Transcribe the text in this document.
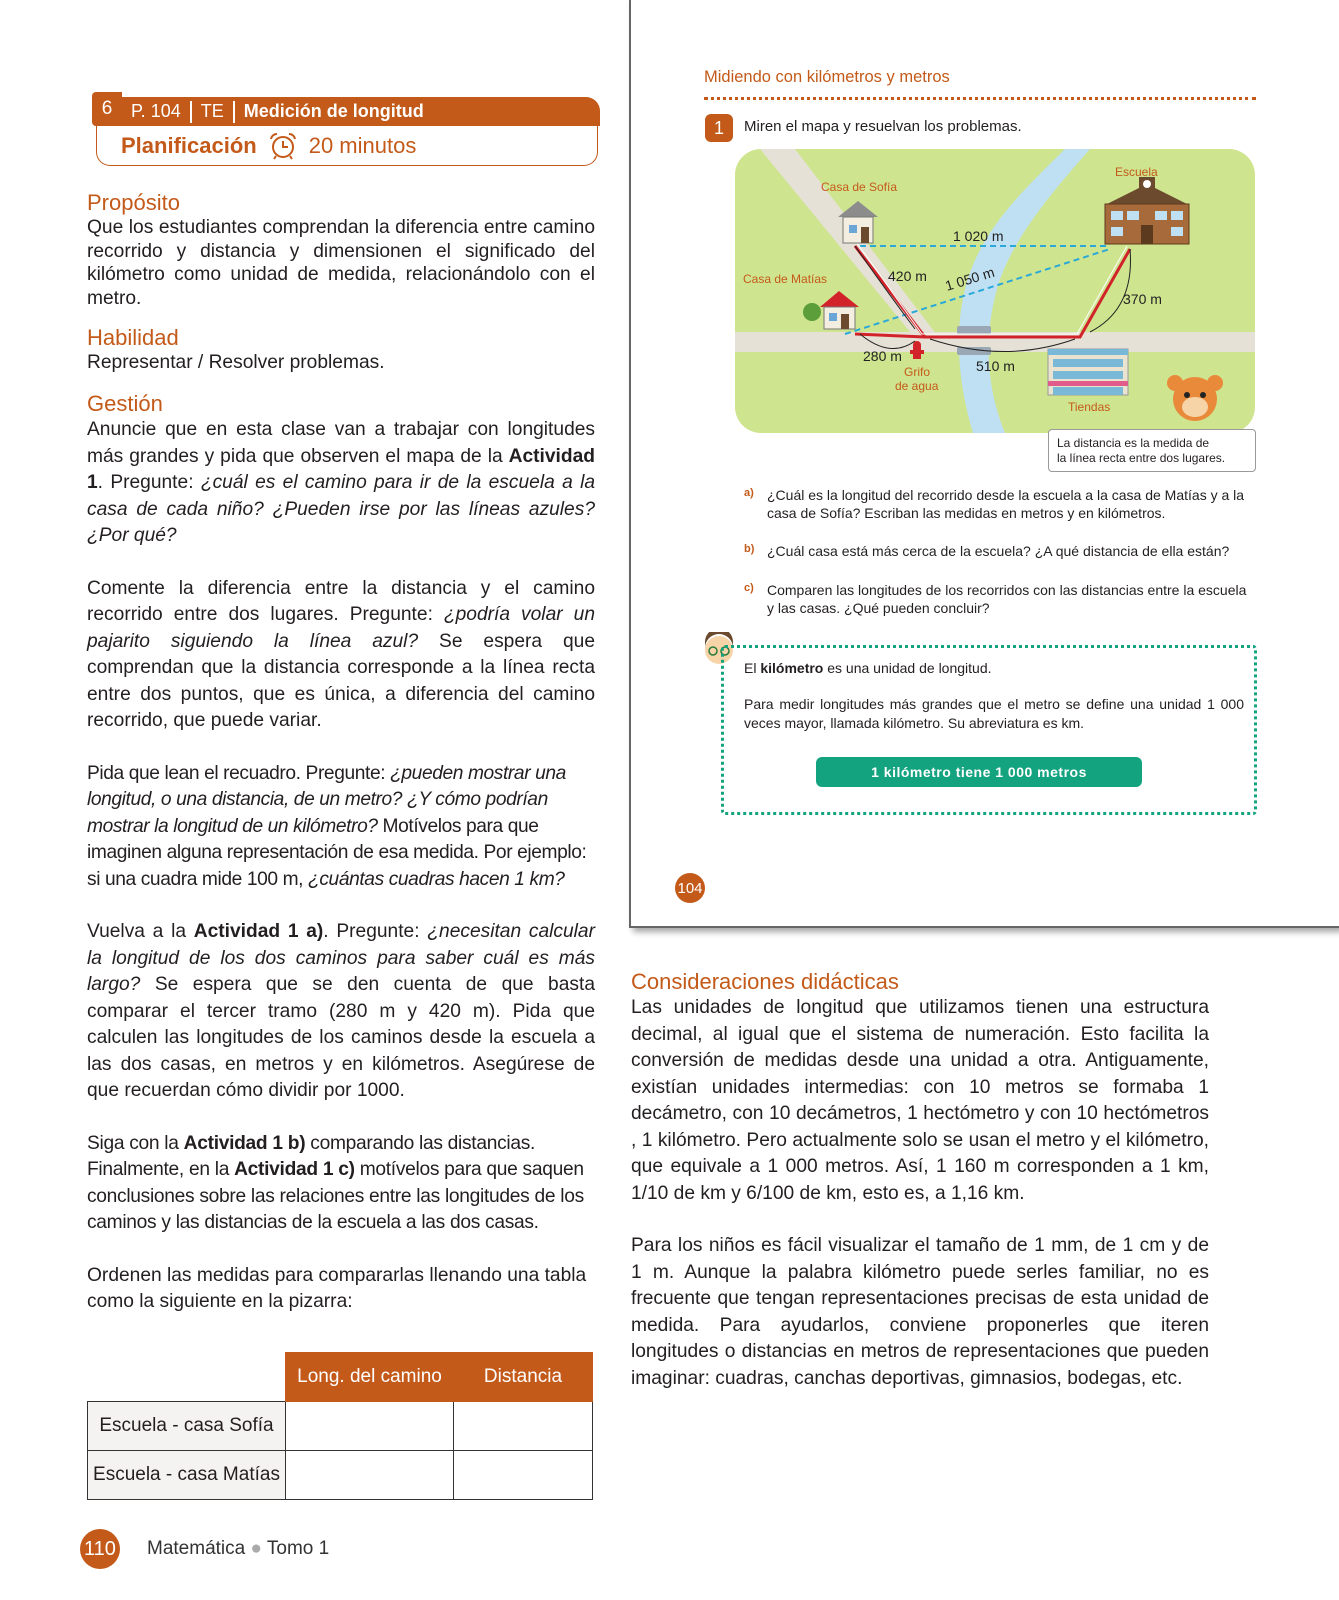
6	P. 104	TE	Medición de longitud
Planificación 20 minutos
Propósito

Que los estudiantes comprendan la diferencia entre camino recorrido y distancia y dimensionen el significado del kilómetro como unidad de medida, relacionándolo con el metro.

Habilidad

Representar / Resolver problemas.

Gestión

Anuncie que en esta clase van a trabajar con longitudes más grandes y pida que observen el mapa de la Actividad 1. Pregunte: ¿cuál es el camino para ir de la escuela a la casa de cada niño? ¿Pueden irse por las líneas azules? ¿Por qué?

Comente la diferencia entre la distancia y el camino recorrido entre dos lugares. Pregunte: ¿podría volar un pajarito siguiendo la línea azul? Se espera que comprendan que la distancia corresponde a la línea recta entre dos puntos, que es única, a diferencia del camino recorrido, que puede variar.

Pida que lean el recuadro. Pregunte: ¿pueden mostrar una longitud, o una distancia, de un metro? ¿Y cómo podrían mostrar la longitud de un kilómetro? Motívelos para que imaginen alguna representación de esa medida. Por ejemplo: si una cuadra mide 100 m, ¿cuántas cuadras hacen 1 km?

Vuelva a la Actividad 1 a). Pregunte: ¿necesitan calcular la longitud de los dos caminos para saber cuál es más largo? Se espera que se den cuenta de que basta comparar el tercer tramo (280 m y 420 m). Pida que calculen las longitudes de los caminos desde la escuela a las dos casas, en metros y en kilómetros. Asegúrese de que recuerdan cómo dividir por 1000.

Siga con la Actividad 1 b) comparando las distancias. Finalmente, en la Actividad 1 c) motívelos para que saquen conclusiones sobre las relaciones entre las longitudes de los caminos y las distancias de la escuela a las dos casas.

Ordenen las medidas para compararlas llenando una tabla como la siguiente en la pizarra:

	Long. del camino	Distancia
Escuela - casa Sofía		
Escuela - casa Matías		
110 Matemática ● Tomo 1
Midiendo con kilómetros y metros
1	Miren el mapa y resuelvan los problemas.
Escuela
Casa de Sofía
Casa de Matías
Grifo
de agua
Tiendas
1 020 m
1 050 m
420 m
370 m
280 m
510 m
La distancia es la medida de
la línea recta entre dos lugares.
a) ¿Cuál es la longitud del recorrido desde la escuela a la casa de Matías y a la casa de Sofía? Escriban las medidas en metros y en kilómetros.
b) ¿Cuál casa está más cerca de la escuela? ¿A qué distancia de ella están?
c) Comparen las longitudes de los recorridos con las distancias entre la escuela y las casas. ¿Qué pueden concluir?
El kilómetro es una unidad de longitud.
Para medir longitudes más grandes que el metro se define una unidad 1 000 veces mayor, llamada kilómetro. Su abreviatura es km.
1 kilómetro tiene 1 000 metros
104
Consideraciones didácticas

Las unidades de longitud que utilizamos tienen una estructura decimal, al igual que el sistema de numeración. Esto facilita la conversión de medidas desde una unidad a otra. Antiguamente, existían unidades intermedias: con 10 metros se formaba 1 decámetro, con 10 decámetros, 1 hectómetro y con 10 hectómetros , 1 kilómetro. Pero actualmente solo se usan el metro y el kilómetro, que equivale a 1 000 metros. Así, 1 160 m corresponden a 1 km, 1/10 de km y 6/100 de km, esto es, a 1,16 km.

Para los niños es fácil visualizar el tamaño de 1 mm, de 1 cm y de 1 m. Aunque la palabra kilómetro puede serles familiar, no es frecuente que tengan representaciones precisas de esta unidad de medida. Para ayudarlos, conviene proponerles que iteren longitudes o distancias en metros de representaciones que pueden imaginar: cuadras, canchas deportivas, gimnasios, bodegas, etc.
